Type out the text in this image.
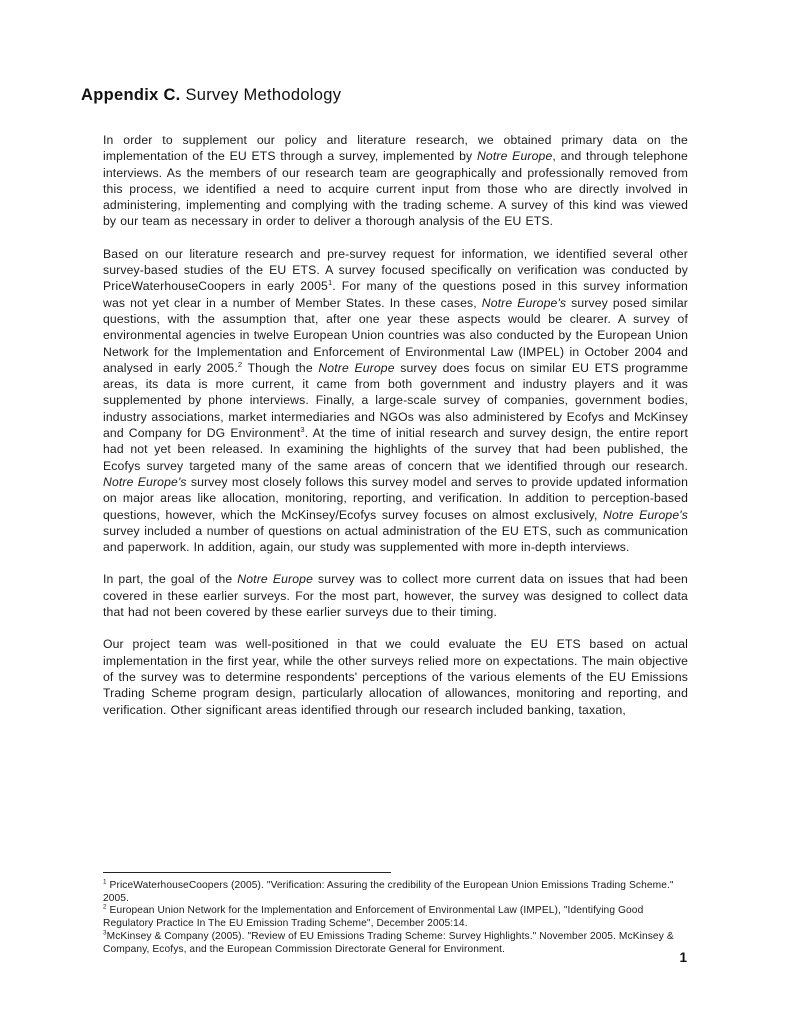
Appendix C. Survey Methodology

In order to supplement our policy and literature research, we obtained primary data on the implementation of the EU ETS through a survey, implemented by Notre Europe, and through telephone interviews. As the members of our research team are geographically and professionally removed from this process, we identified a need to acquire current input from those who are directly involved in administering, implementing and complying with the trading scheme. A survey of this kind was viewed by our team as necessary in order to deliver a thorough analysis of the EU ETS.

Based on our literature research and pre-survey request for information, we identified several other survey-based studies of the EU ETS. A survey focused specifically on verification was conducted by PriceWaterhouseCoopers in early 2005$^1$. For many of the questions posed in this survey information was not yet clear in a number of Member States. In these cases, Notre Europe's survey posed similar questions, with the assumption that, after one year these aspects would be clearer. A survey of environmental agencies in twelve European Union countries was also conducted by the European Union Network for the Implementation and Enforcement of Environmental Law (IMPEL) in October 2004 and analysed in early 2005.$^2$ Though the Notre Europe survey does focus on similar EU ETS programme areas, its data is more current, it came from both government and industry players and it was supplemented by phone interviews. Finally, a large-scale survey of companies, government bodies, industry associations, market intermediaries and NGOs was also administered by Ecofys and McKinsey and Company for DG Environment$^3$. At the time of initial research and survey design, the entire report had not yet been released. In examining the highlights of the survey that had been published, the Ecofys survey targeted many of the same areas of concern that we identified through our research. Notre Europe's survey most closely follows this survey model and serves to provide updated information on major areas like allocation, monitoring, reporting, and verification. In addition to perception-based questions, however, which the McKinsey/Ecofys survey focuses on almost exclusively, Notre Europe's survey included a number of questions on actual administration of the EU ETS, such as communication and paperwork. In addition, again, our study was supplemented with more in-depth interviews.

In part, the goal of the Notre Europe survey was to collect more current data on issues that had been covered in these earlier surveys. For the most part, however, the survey was designed to collect data that had not been covered by these earlier surveys due to their timing.

Our project team was well-positioned in that we could evaluate the EU ETS based on actual implementation in the first year, while the other surveys relied more on expectations. The main objective of the survey was to determine respondents' perceptions of the various elements of the EU Emissions Trading Scheme program design, particularly allocation of allowances, monitoring and reporting, and verification. Other significant areas identified through our research included banking, taxation,

$^1$ PriceWaterhouseCoopers (2005). "Verification: Assuring the credibility of the European Union Emissions Trading Scheme." 2005.
$^2$ European Union Network for the Implementation and Enforcement of Environmental Law (IMPEL), "Identifying Good Regulatory Practice In The EU Emission Trading Scheme", December 2005:14.
$^3$McKinsey & Company (2005). "Review of EU Emissions Trading Scheme: Survey Highlights." November 2005. McKinsey & Company, Ecofys, and the European Commission Directorate General for Environment.
1
